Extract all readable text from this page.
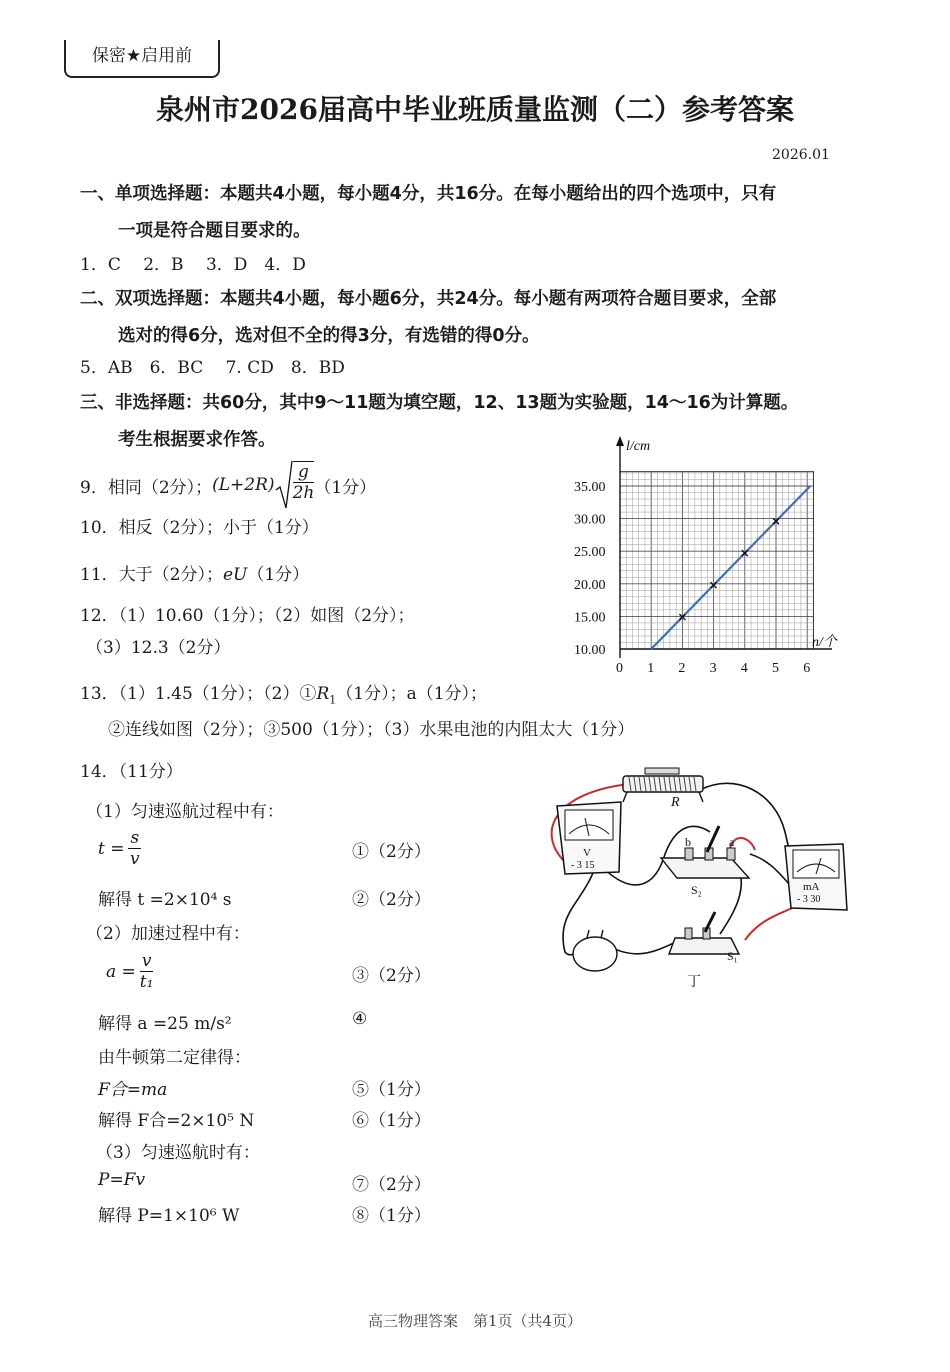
保密★启用前
泉州市2026届高中毕业班质量监测（二）参考答案
2026.01
一、单项选择题：本题共4小题，每小题4分，共16分。在每小题给出的四个选项中，只有
一项是符合题目要求的。
1．C　 2．B　 3．D　4．D
二、双项选择题：本题共4小题，每小题6分，共24分。每小题有两项符合题目要求，全部
选对的得6分，选对但不全的得3分，有选错的得0分。
5．AB　6．BC　 7. CD　8．BD
三、非选择题：共60分，其中9～11题为填空题，12、13题为实验题，14～16为计算题。
考生根据要求作答。
9．相同（2分）； $(L+2R) \frac{g}{2h} (1$分）
10．相反（2分）；小于（1分）
11．大于（2分）；eU（1分）
12．（1）10.60（1分）；（2）如图（2分）；
（3）12.3（2分）
l/cm
n/个
10.00
15.00
20.00
25.00
30.00
35.00
0 1 2 3 4 5 6
13．（1）1.45（1分）；$(2)①R_1(1$分）；a（1分）；
②连线如图（2分）；③500（1分）；（3）水果电池的内阻太大（1分）
14．（11分）
（1）匀速巡航过程中有：
$t = \frac{s}{v}$	①（2分）
解得 t =2×10⁴ s	②（2分）
（2）加速过程中有：
$a = \frac{v}{\text{t₁}}$	③（2分）
解得 a =25 m/s²	④
由牛顿第二定律得：
F合=ma	⑤（1分）
解得 F合=2×10⁵ N	⑥（1分）
（3）匀速巡航时有：
P=Fv	⑦（2分）
解得 P=1×10⁶ W	⑧（1分）
R
V
- 3 15
b	a
S₂	mA
- 3 30
S₁
丁
高三物理答案　第1页（共4页）
